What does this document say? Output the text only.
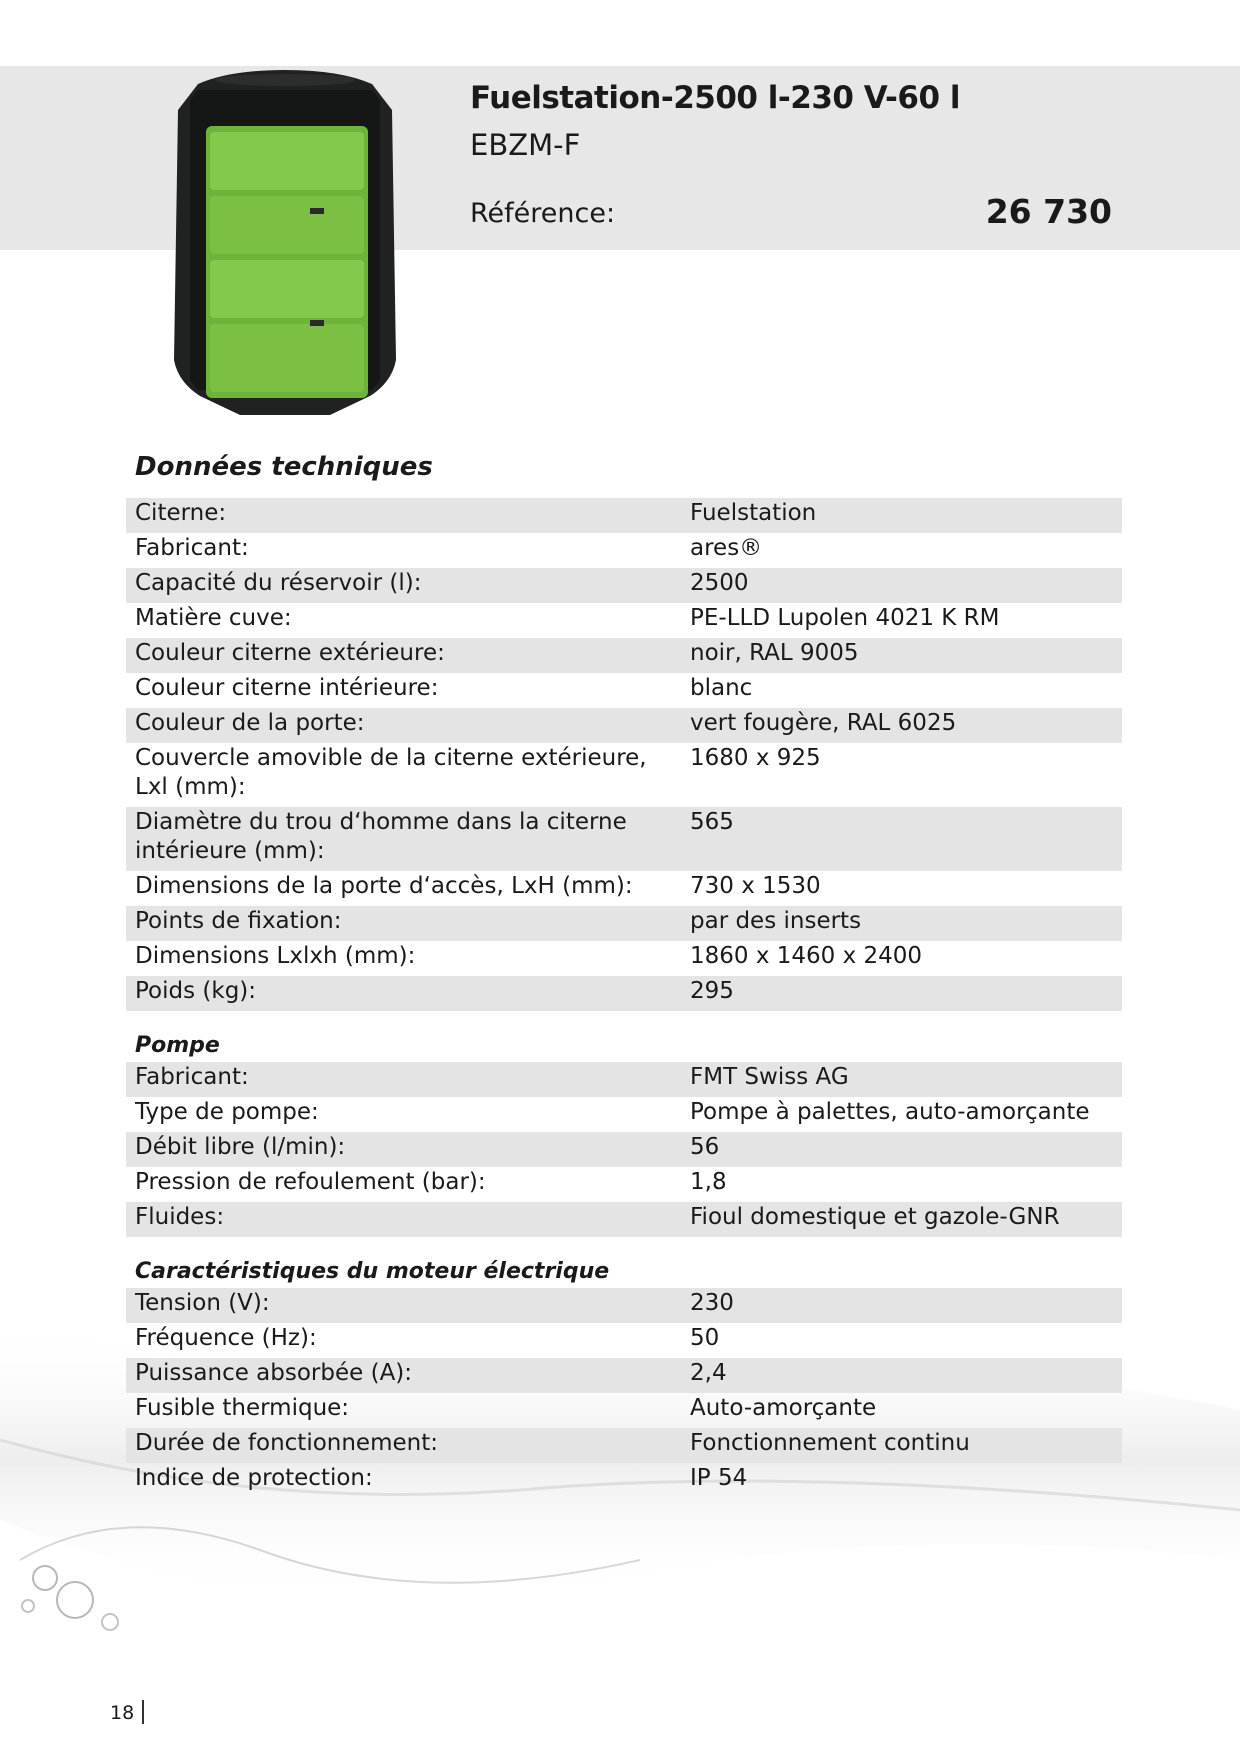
Fuelstation-2500 l-230 V-60 l
EBZM-F
Référence:	26 730
Données techniques
Citerne:	Fuelstation
Fabricant:	ares®
Capacité du réservoir (l):	2500
Matière cuve:	PE-LLD Lupolen 4021 K RM
Couleur citerne extérieure:	noir, RAL 9005
Couleur citerne intérieure:	blanc
Couleur de la porte:	vert fougère, RAL 6025
Couvercle amovible de la citerne extérieure, Lxl (mm):
1680 x 925
Diamètre du trou d‘homme dans la citerne intérieure (mm):
565
Dimensions de la porte d‘accès, LxH (mm):	730 x 1530
Points de fixation:	par des inserts
Dimensions Lxlxh (mm):	1860 x 1460 x 2400
Poids (kg):	295
Pompe
Fabricant:	FMT Swiss AG
Type de pompe:	Pompe à palettes, auto-amorçante
Débit libre (l/min):	56
Pression de refoulement (bar):	1,8
Fluides:	Fioul domestique et gazole-GNR
Caractéristiques du moteur électrique
Tension (V):	230
Fréquence (Hz):	50
Puissance absorbée (A):	2,4
Fusible thermique:	Auto-amorçante
Durée de fonctionnement:	Fonctionnement continu
Indice de protection:	IP 54
18
